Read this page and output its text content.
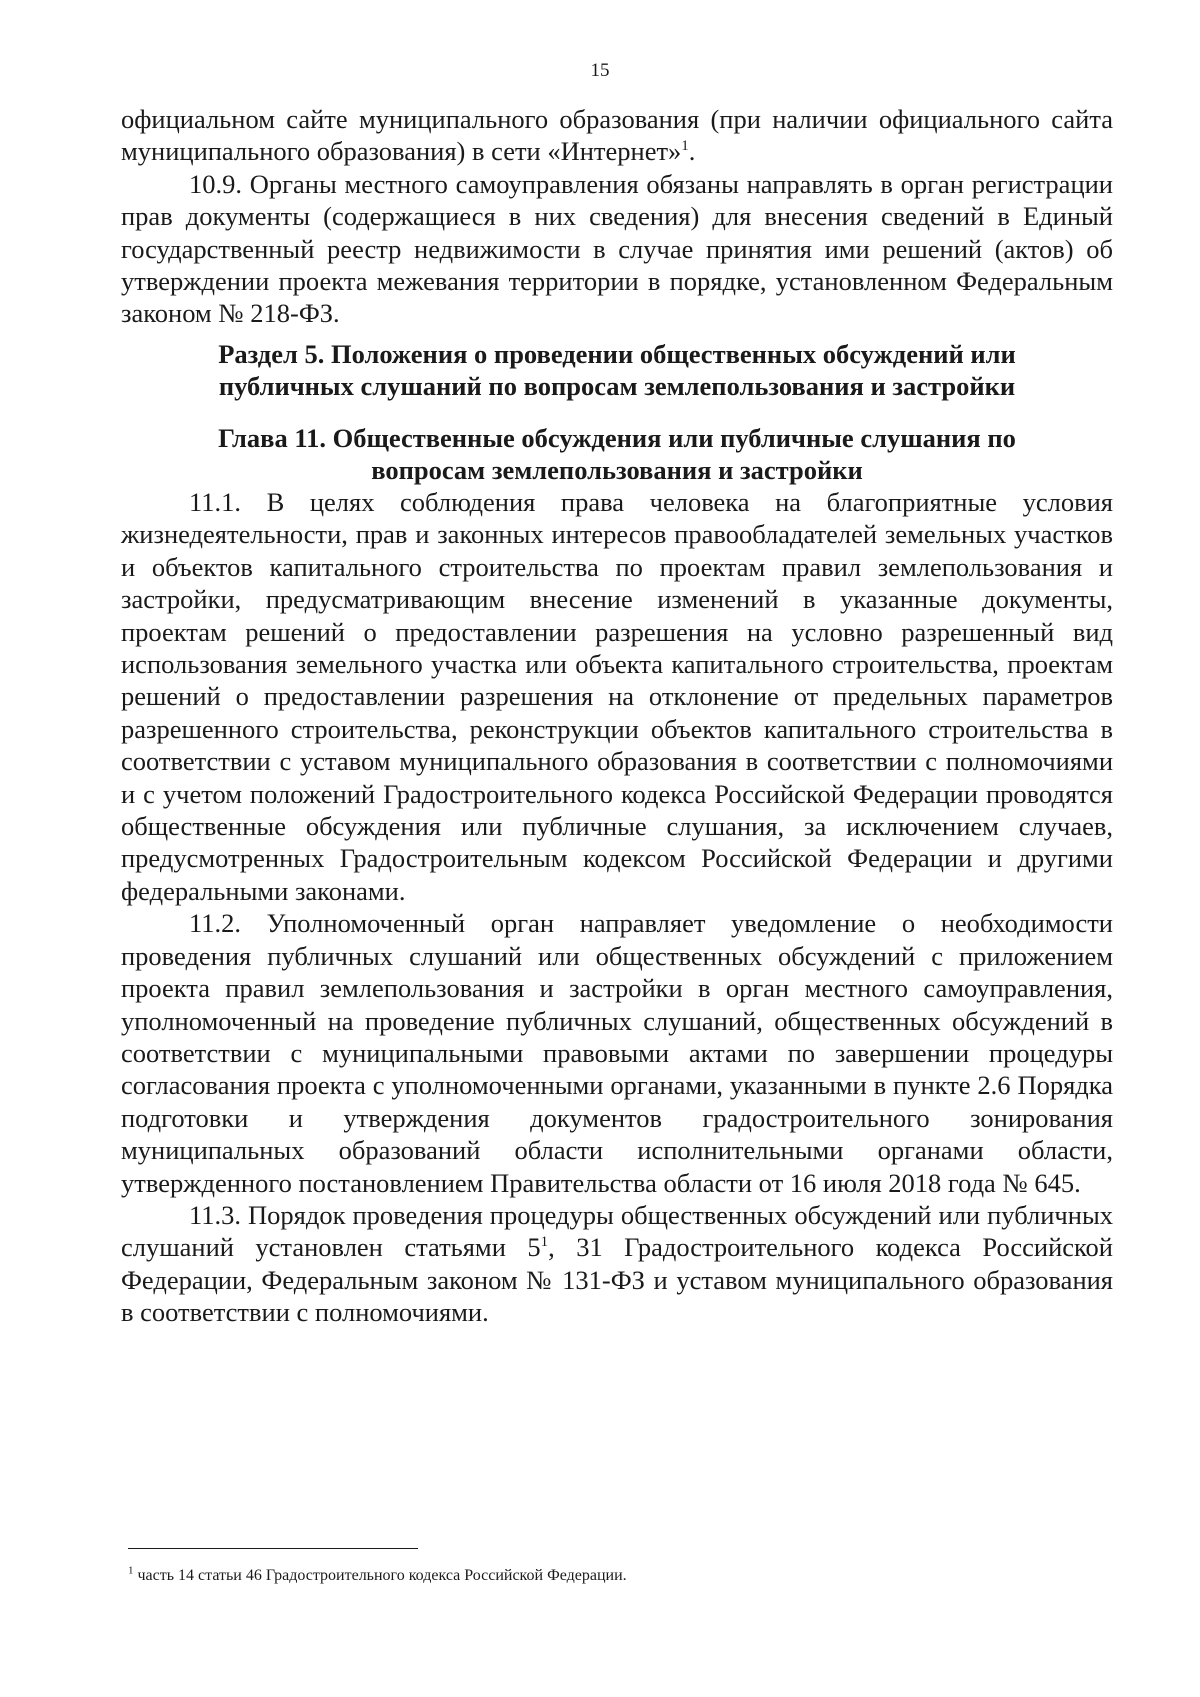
15

официальном сайте муниципального образования (при наличии официального сайта муниципального образования) в сети «Интернет»$^1$.

10.9. Органы местного самоуправления обязаны направлять в орган регистрации прав документы (содержащиеся в них сведения) для внесения сведений в Единый государственный реестр недвижимости в случае принятия ими решений (актов) об утверждении проекта межевания территории в порядке, установленном Федеральным законом № 218-ФЗ.

Раздел 5. Положения о проведении общественных обсуждений или
публичных слушаний по вопросам землепользования и застройки
Глава 11. Общественные обсуждения или публичные слушания по
вопросам землепользования и застройки

11.1. В целях соблюдения права человека на благоприятные условия жизнедеятельности, прав и законных интересов правообладателей земельных участков и объектов капитального строительства по проектам правил землепользования и застройки, предусматривающим внесение изменений в указанные документы, проектам решений о предоставлении разрешения на условно разрешенный вид использования земельного участка или объекта капитального строительства, проектам решений о предоставлении разрешения на отклонение от предельных параметров разрешенного строительства, реконструкции объектов капитального строительства в соответствии с уставом муниципального образования в соответствии с полномочиями и с учетом положений Градостроительного кодекса Российской Федерации проводятся общественные обсуждения или публичные слушания, за исключением случаев, предусмотренных Градостроительным кодексом Российской Федерации и другими федеральными законами.

11.2. Уполномоченный орган направляет уведомление о необходимости проведения публичных слушаний или общественных обсуждений с приложением проекта правил землепользования и застройки в орган местного самоуправления, уполномоченный на проведение публичных слушаний, общественных обсуждений в соответствии с муниципальными правовыми актами по завершении процедуры согласования проекта с уполномоченными органами, указанными в пункте 2.6 Порядка подготовки и утверждения документов градостроительного зонирования муниципальных образований области исполнительными органами области, утвержденного постановлением Правительства области от 16 июля 2018 года № 645.

11.3. Порядок проведения процедуры общественных обсуждений или публичных слушаний установлен статьями $5^1$, 31 Градостроительного кодекса Российской Федерации, Федеральным законом № 131-ФЗ и уставом муниципального образования в соответствии с полномочиями.

$^1$ часть 14 статьи 46 Градостроительного кодекса Российской Федерации.
